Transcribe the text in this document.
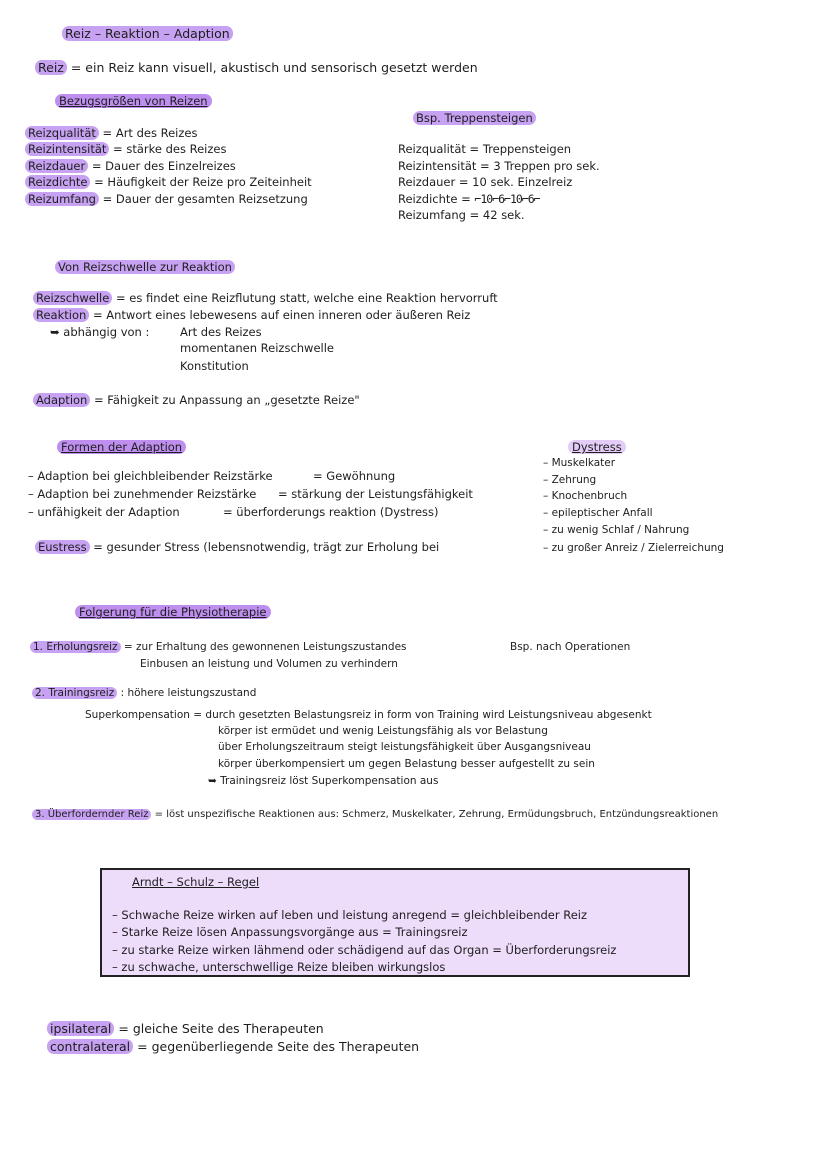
Reiz – Reaktion – Adaption
Reiz = ein Reiz kann visuell, akustisch und sensorisch gesetzt werden
Bezugsgrößen von Reizen
Reizqualität = Art des Reizes
Reizintensität = stärke des Reizes
Reizdauer = Dauer des Einzelreizes
Reizdichte = Häufigkeit der Reize pro Zeiteinheit
Reizumfang = Dauer der gesamten Reizsetzung
Bsp. Treppensteigen
Reizqualität = Treppensteigen
Reizintensität = 3 Treppen pro sek.
Reizdauer = 10 sek. Einzelreiz
Reizdichte = ⌐10⌐6⌐10⌐6⌐
Reizumfang = 42 sek.
Von Reizschwelle zur Reaktion
Reizschwelle = es findet eine Reizflutung statt, welche eine Reaktion hervorruft
Reaktion = Antwort eines lebewesens auf einen inneren oder äußeren Reiz
➥ abhängig von :	Art des Reizes
momentanen Reizschwelle
Konstitution
Adaption = Fähigkeit zu Anpassung an „gesetzte Reize"
Formen der Adaption
– Adaption bei gleichbleibender Reizstärke	= Gewöhnung
– Adaption bei zunehmender Reizstärke = stärkung der Leistungsfähigkeit
– unfähigkeit der Adaption	= überforderungs reaktion (Dystress)
Eustress = gesunder Stress (lebensnotwendig, trägt zur Erholung bei
Dystress
– Muskelkater
– Zehrung
– Knochenbruch
– epileptischer Anfall
– zu wenig Schlaf / Nahrung
– zu großer Anreiz / Zielerreichung
Folgerung für die Physiotherapie
1. Erholungsreiz = zur Erhaltung des gewonnenen Leistungszustandes
Einbusen an leistung und Volumen zu verhindern
Bsp. nach Operationen
2. Trainingsreiz : höhere leistungszustand
Superkompensation = durch gesetzten Belastungsreiz in form von Training wird Leistungsniveau abgesenkt
körper ist ermüdet und wenig Leistungsfähig als vor Belastung
über Erholungszeitraum steigt leistungsfähigkeit über Ausgangsniveau
körper überkompensiert um gegen Belastung besser aufgestellt zu sein
➥ Trainingsreiz löst Superkompensation aus
3. Überfordernder Reiz = löst unspezifische Reaktionen aus: Schmerz, Muskelkater, Zehrung, Ermüdungsbruch, Entzündungsreaktionen
Arndt – Schulz – Regel
– Schwache Reize wirken auf leben und leistung anregend = gleichbleibender Reiz
– Starke Reize lösen Anpassungsvorgänge aus = Trainingsreiz
– zu starke Reize wirken lähmend oder schädigend auf das Organ = Überforderungsreiz
– zu schwache, unterschwellige Reize bleiben wirkungslos
ipsilateral = gleiche Seite des Therapeuten
contralateral = gegenüberliegende Seite des Therapeuten
